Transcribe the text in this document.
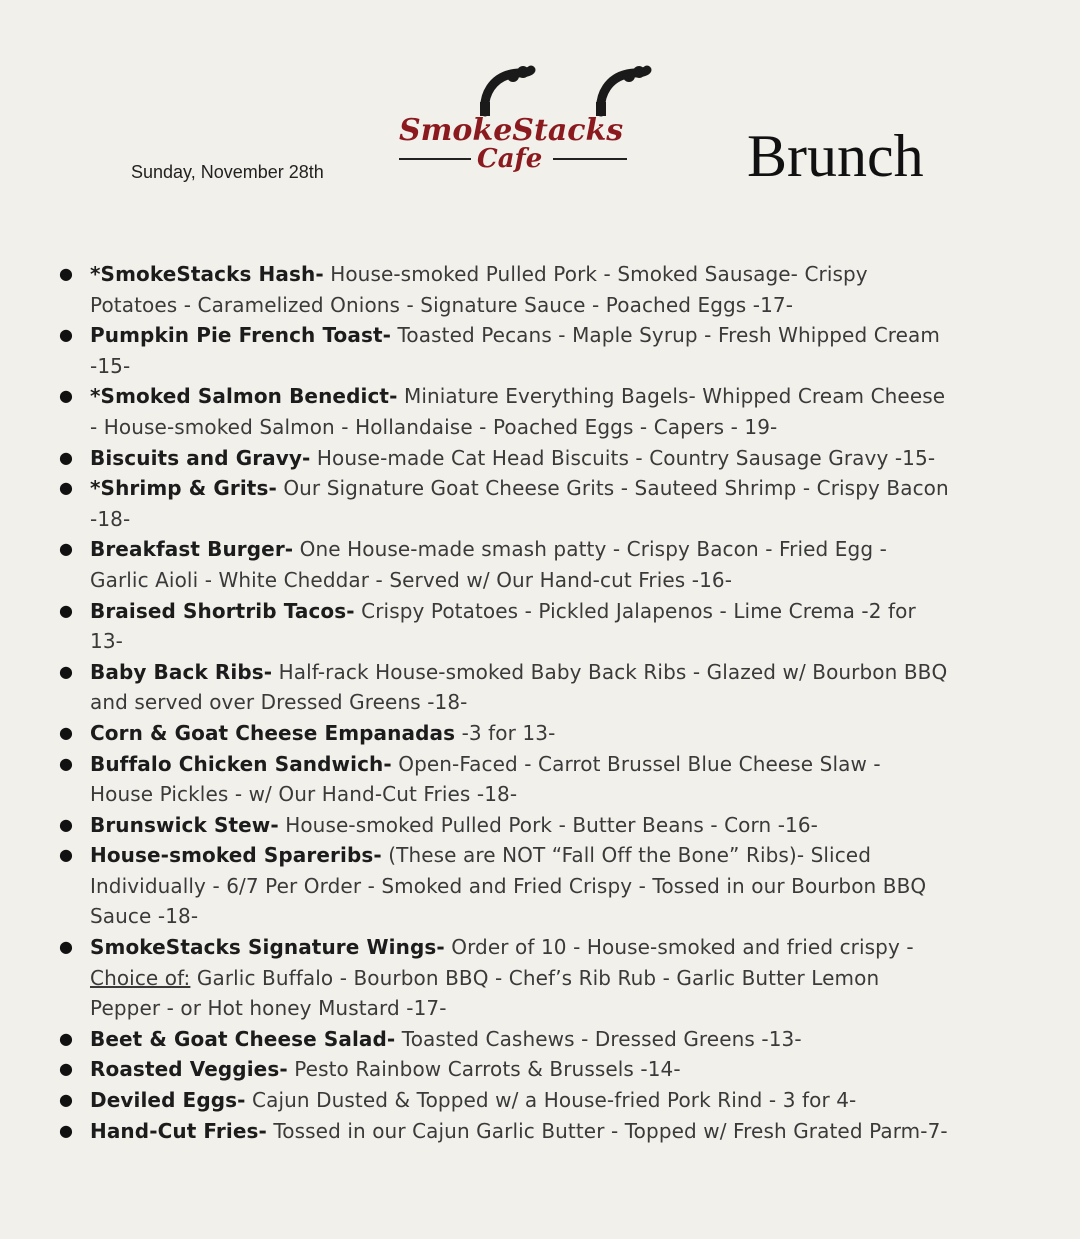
Sunday, November 28th
SmokeStacks
Cafe	Brunch
● *SmokeStacks Hash- House-smoked Pulled Pork - Smoked Sausage- Crispy Potatoes - Caramelized Onions - Signature Sauce - Poached Eggs -17-
● Pumpkin Pie French Toast- Toasted Pecans - Maple Syrup - Fresh Whipped Cream -15-
● *Smoked Salmon Benedict- Miniature Everything Bagels- Whipped Cream Cheese - House-smoked Salmon - Hollandaise - Poached Eggs - Capers - 19-
● Biscuits and Gravy- House-made Cat Head Biscuits - Country Sausage Gravy -15-
● *Shrimp & Grits- Our Signature Goat Cheese Grits - Sauteed Shrimp - Crispy Bacon -18-
● Breakfast Burger- One House-made smash patty - Crispy Bacon - Fried Egg - Garlic Aioli - White Cheddar - Served w/ Our Hand-cut Fries -16-
● Braised Shortrib Tacos- Crispy Potatoes - Pickled Jalapenos - Lime Crema -2 for 13-
● Baby Back Ribs- Half-rack House-smoked Baby Back Ribs - Glazed w/ Bourbon BBQ and served over Dressed Greens -18-
● Corn & Goat Cheese Empanadas -3 for 13-
● Buffalo Chicken Sandwich- Open-Faced - Carrot Brussel Blue Cheese Slaw - House Pickles - w/ Our Hand-Cut Fries -18-
● Brunswick Stew- House-smoked Pulled Pork - Butter Beans - Corn -16-
● House-smoked Spareribs- (These are NOT “Fall Off the Bone” Ribs)- Sliced Individually - 6/7 Per Order - Smoked and Fried Crispy - Tossed in our Bourbon BBQ Sauce -18-
● SmokeStacks Signature Wings- Order of 10 - House-smoked and fried crispy - Choice of: Garlic Buffalo - Bourbon BBQ - Chef’s Rib Rub - Garlic Butter Lemon Pepper - or Hot honey Mustard -17-
● Beet & Goat Cheese Salad- Toasted Cashews - Dressed Greens -13-
● Roasted Veggies- Pesto Rainbow Carrots & Brussels -14-
● Deviled Eggs- Cajun Dusted & Topped w/ a House-fried Pork Rind - 3 for 4-
● Hand-Cut Fries- Tossed in our Cajun Garlic Butter - Topped w/ Fresh Grated Parm-7-
